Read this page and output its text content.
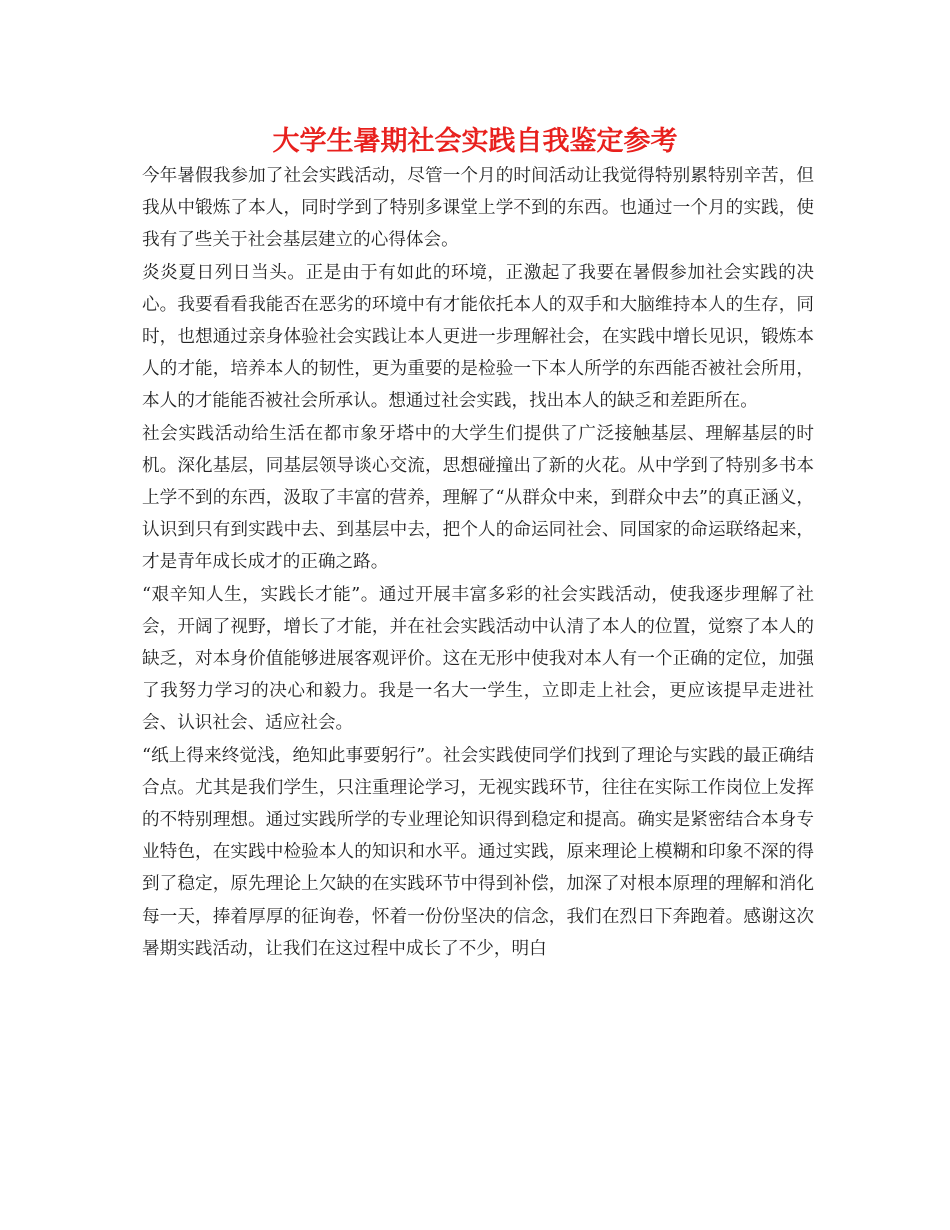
大学生暑期社会实践自我鉴定参考

今年暑假我参加了社会实践活动，尽管一个月的时间活动让我觉得特别累特别辛苦，但我从中锻炼了本人，同时学到了特别多课堂上学不到的东西。也通过一个月的实践，使我有了些关于社会基层建立的心得体会。

炎炎夏日列日当头。正是由于有如此的环境，正激起了我要在暑假参加社会实践的决心。我要看看我能否在恶劣的环境中有才能依托本人的双手和大脑维持本人的生存，同时，也想通过亲身体验社会实践让本人更进一步理解社会，在实践中增长见识，锻炼本人的才能，培养本人的韧性，更为重要的是检验一下本人所学的东西能否被社会所用，本人的才能能否被社会所承认。想通过社会实践，找出本人的缺乏和差距所在。

社会实践活动给生活在都市象牙塔中的大学生们提供了广泛接触基层、理解基层的时机。深化基层，同基层领导谈心交流，思想碰撞出了新的火花。从中学到了特别多书本上学不到的东西，汲取了丰富的营养，理解了“从群众中来，到群众中去”的真正涵义，认识到只有到实践中去、到基层中去，把个人的命运同社会、同国家的命运联络起来，才是青年成长成才的正确之路。

“艰辛知人生，实践长才能”。通过开展丰富多彩的社会实践活动，使我逐步理解了社会，开阔了视野，增长了才能，并在社会实践活动中认清了本人的位置，觉察了本人的缺乏，对本身价值能够进展客观评价。这在无形中使我对本人有一个正确的定位，加强了我努力学习的决心和毅力。我是一名大一学生，立即走上社会，更应该提早走进社会、认识社会、适应社会。

“纸上得来终觉浅，绝知此事要躬行”。社会实践使同学们找到了理论与实践的最正确结合点。尤其是我们学生，只注重理论学习，无视实践环节，往往在实际工作岗位上发挥的不特别理想。通过实践所学的专业理论知识得到稳定和提高。确实是紧密结合本身专业特色，在实践中检验本人的知识和水平。通过实践，原来理论上模糊和印象不深的得到了稳定，原先理论上欠缺的在实践环节中得到补偿，加深了对根本原理的理解和消化每一天，捧着厚厚的征询卷，怀着一份份坚决的信念，我们在烈日下奔跑着。感谢这次暑期实践活动，让我们在这过程中成长了不少，明白
